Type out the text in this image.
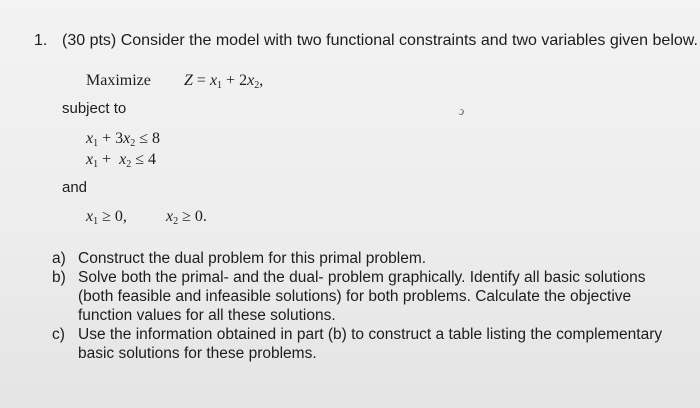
1. (30 pts) Consider the model with two functional constraints and two variables given below.
Maximize $Z = x_1 + 2x_2$,
subject to	ↄ
$x_1 + 3x_2 \le 8$
$x_1 + x_2 \le 4$
and
$x_1 \ge 0$, $x_2 \ge 0$.
a) Construct the dual problem for this primal problem.
b) Solve both the primal- and the dual- problem graphically. Identify all basic solutions (both feasible and infeasible solutions) for both problems. Calculate the objective function values for all these solutions.
c) Use the information obtained in part (b) to construct a table listing the complementary basic solutions for these problems.
